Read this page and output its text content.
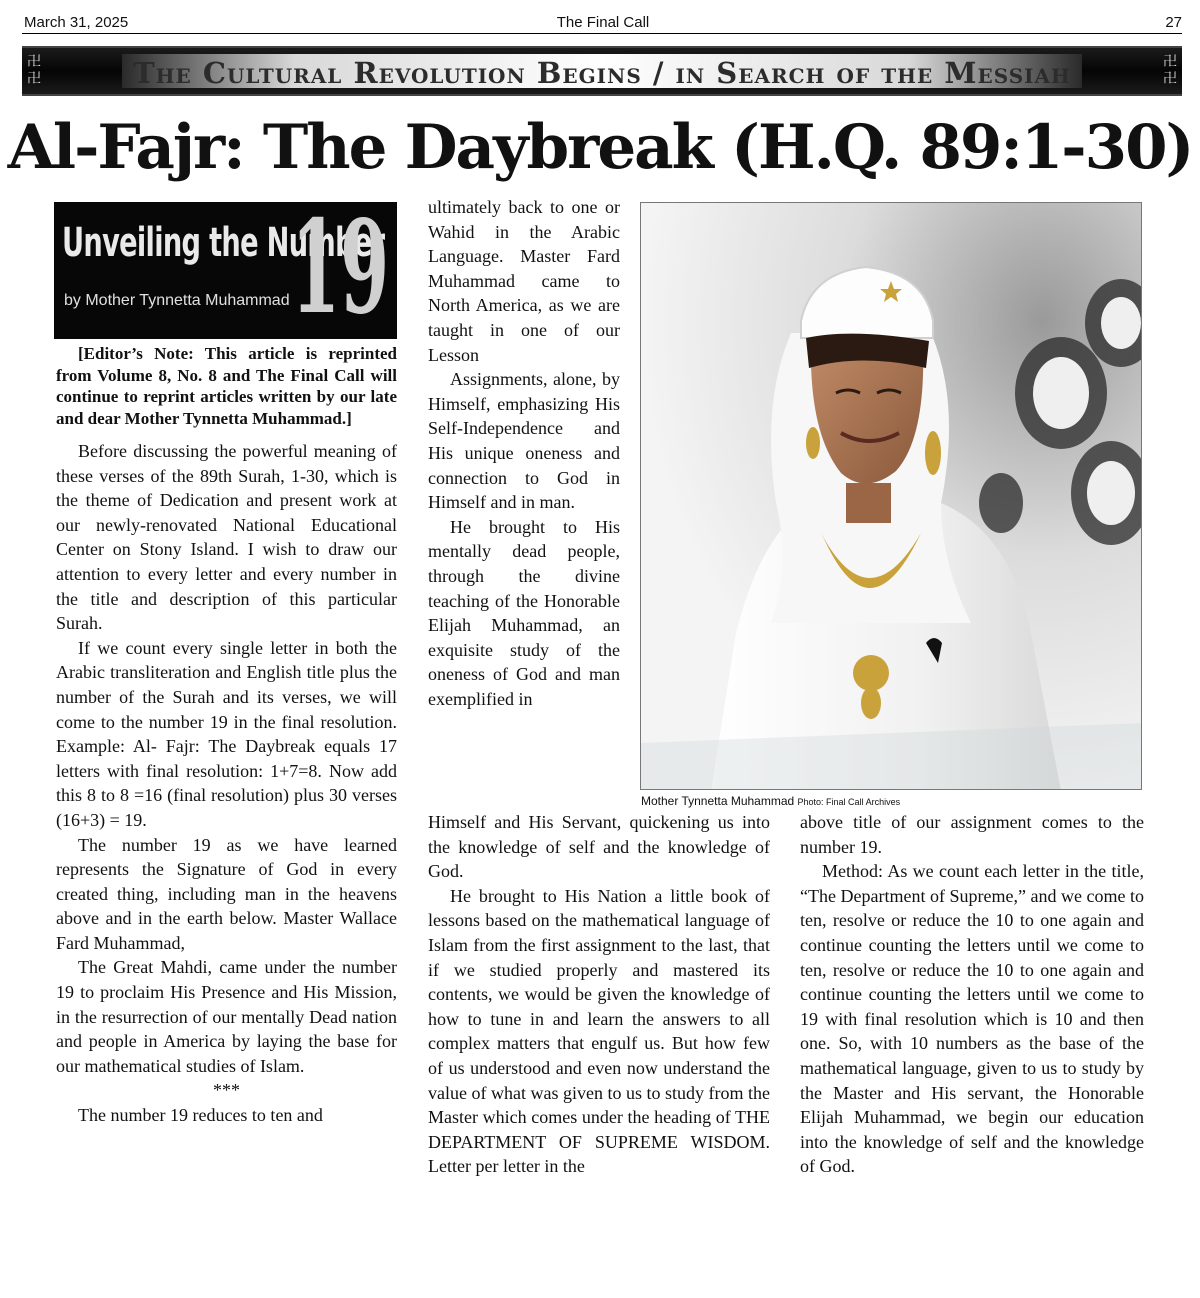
March 31, 2025	The Final Call	27
卍
卍	The Cultural Revolution Begins / in Search of the Messiah	卍
卍
Al-Fajr: The Daybreak (H.Q. 89:1-30)
Unveiling the Number
by Mother Tynnetta Muhammad 19

[Editor’s Note: This article is reprinted from Volume 8, No. 8 and The Final Call will continue to reprint articles written by our late and dear Mother Tynnetta Muhammad.]

Before discussing the powerful meaning of these verses of the 89th Surah, 1-30, which is the theme of Dedication and present work at our newly-renovated National Educational Center on Stony Island. I wish to draw our attention to every letter and every number in the title and description of this particular Surah.

If we count every single letter in both the Arabic transliteration and English title plus the number of the Surah and its verses, we will come to the number 19 in the final resolution. Example: Al- Fajr: The Daybreak equals 17 letters with final resolution: 1+7=8. Now add this 8 to 8 =16 (final resolution) plus 30 verses (16+3) = 19.

The number 19 as we have learned represents the Signature of God in every created thing, including man in the heavens above and in the earth below. Master Wallace Fard Muhammad,

The Great Mahdi, came under the number 19 to proclaim His Presence and His Mission, in the resurrection of our mentally Dead nation and people in America by laying the base for our mathematical studies of Islam.

***

The number 19 reduces to ten and

ultimately back to one or Wahid in the Arabic Language. Master Fard Muhammad came to North America, as we are taught in one of our Lesson

Assignments, alone, by Himself, emphasizing His Self-Independence and His unique oneness and connection to God in Himself and in man.

He brought to His mentally dead people, through the divine teaching of the Honorable Elijah Muhammad, an exquisite study of the oneness of God and man exemplified in

Mother Tynnetta Muhammad Photo: Final Call Archives

Himself and His Servant, quickening us into the knowledge of self and the knowledge of God.

He brought to His Nation a little book of lessons based on the mathematical language of Islam from the first assignment to the last, that if we studied properly and mastered its contents, we would be given the knowledge of how to tune in and learn the answers to all complex matters that engulf us. But how few of us understood and even now understand the value of what was given to us to study from the Master which comes under the heading of THE DEPARTMENT OF SUPREME WISDOM. Letter per letter in the

above title of our assignment comes to the number 19.

Method: As we count each letter in the title, “The Department of Supreme,” and we come to ten, resolve or reduce the 10 to one again and continue counting the letters until we come to ten, resolve or reduce the 10 to one again and continue counting the letters until we come to 19 with final resolution which is 10 and then one. So, with 10 numbers as the base of the mathematical language, given to us to study by the Master and His servant, the Honorable Elijah Muhammad, we begin our education into the knowledge of self and the knowledge of God.
